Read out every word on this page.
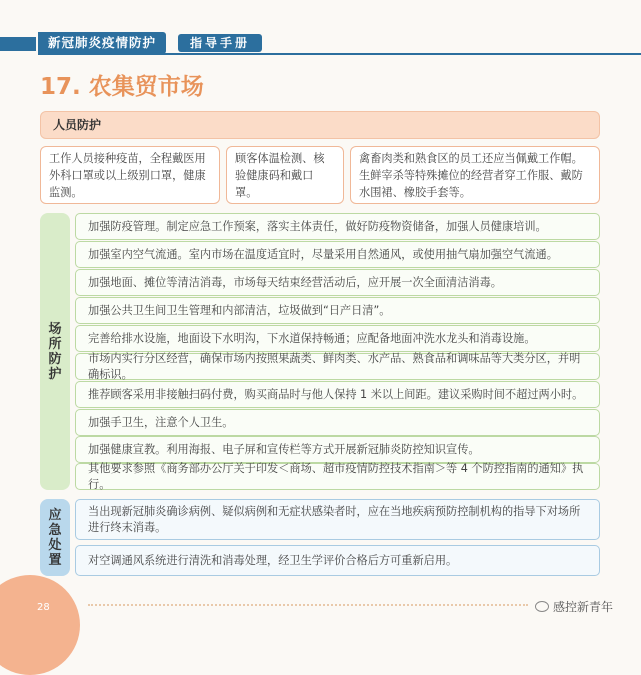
新冠肺炎疫情防护	指导手册
17. 农集贸市场
人员防护
工作人员接种疫苗，全程戴医用外科口罩或以上级别口罩，健康监测。
顾客体温检测、核验健康码和戴口罩。
禽畜肉类和熟食区的员工还应当佩戴工作帽。生鲜宰杀等特殊摊位的经营者穿工作服、戴防水围裙、橡胶手套等。
场所防护
加强防疫管理。制定应急工作预案，落实主体责任，做好防疫物资储备，加强人员健康培训。
加强室内空气流通。室内市场在温度适宜时，尽量采用自然通风，或使用抽气扇加强空气流通。
加强地面、摊位等清洁消毒，市场每天结束经营活动后，应开展一次全面清洁消毒。
加强公共卫生间卫生管理和内部清洁，垃圾做到“日产日清”。
完善给排水设施，地面设下水明沟，下水道保持畅通；应配备地面冲洗水龙头和消毒设施。
市场内实行分区经营，确保市场内按照果蔬类、鲜肉类、水产品、熟食品和调味品等大类分区，并明确标识。
推荐顾客采用非接触扫码付费，购买商品时与他人保持 1 米以上间距。建议采购时间不超过两小时。
加强手卫生，注意个人卫生。
加强健康宣教。利用海报、电子屏和宣传栏等方式开展新冠肺炎防控知识宣传。
其他要求参照《商务部办公厅关于印发＜商场、超市疫情防控技术指南＞等 4 个防控指南的通知》执行。
应急处置
当出现新冠肺炎确诊病例、疑似病例和无症状感染者时，应在当地疾病预防控制机构的指导下对场所进行终末消毒。
对空调通风系统进行清洗和消毒处理，经卫生学评价合格后方可重新启用。
28	感控新青年
